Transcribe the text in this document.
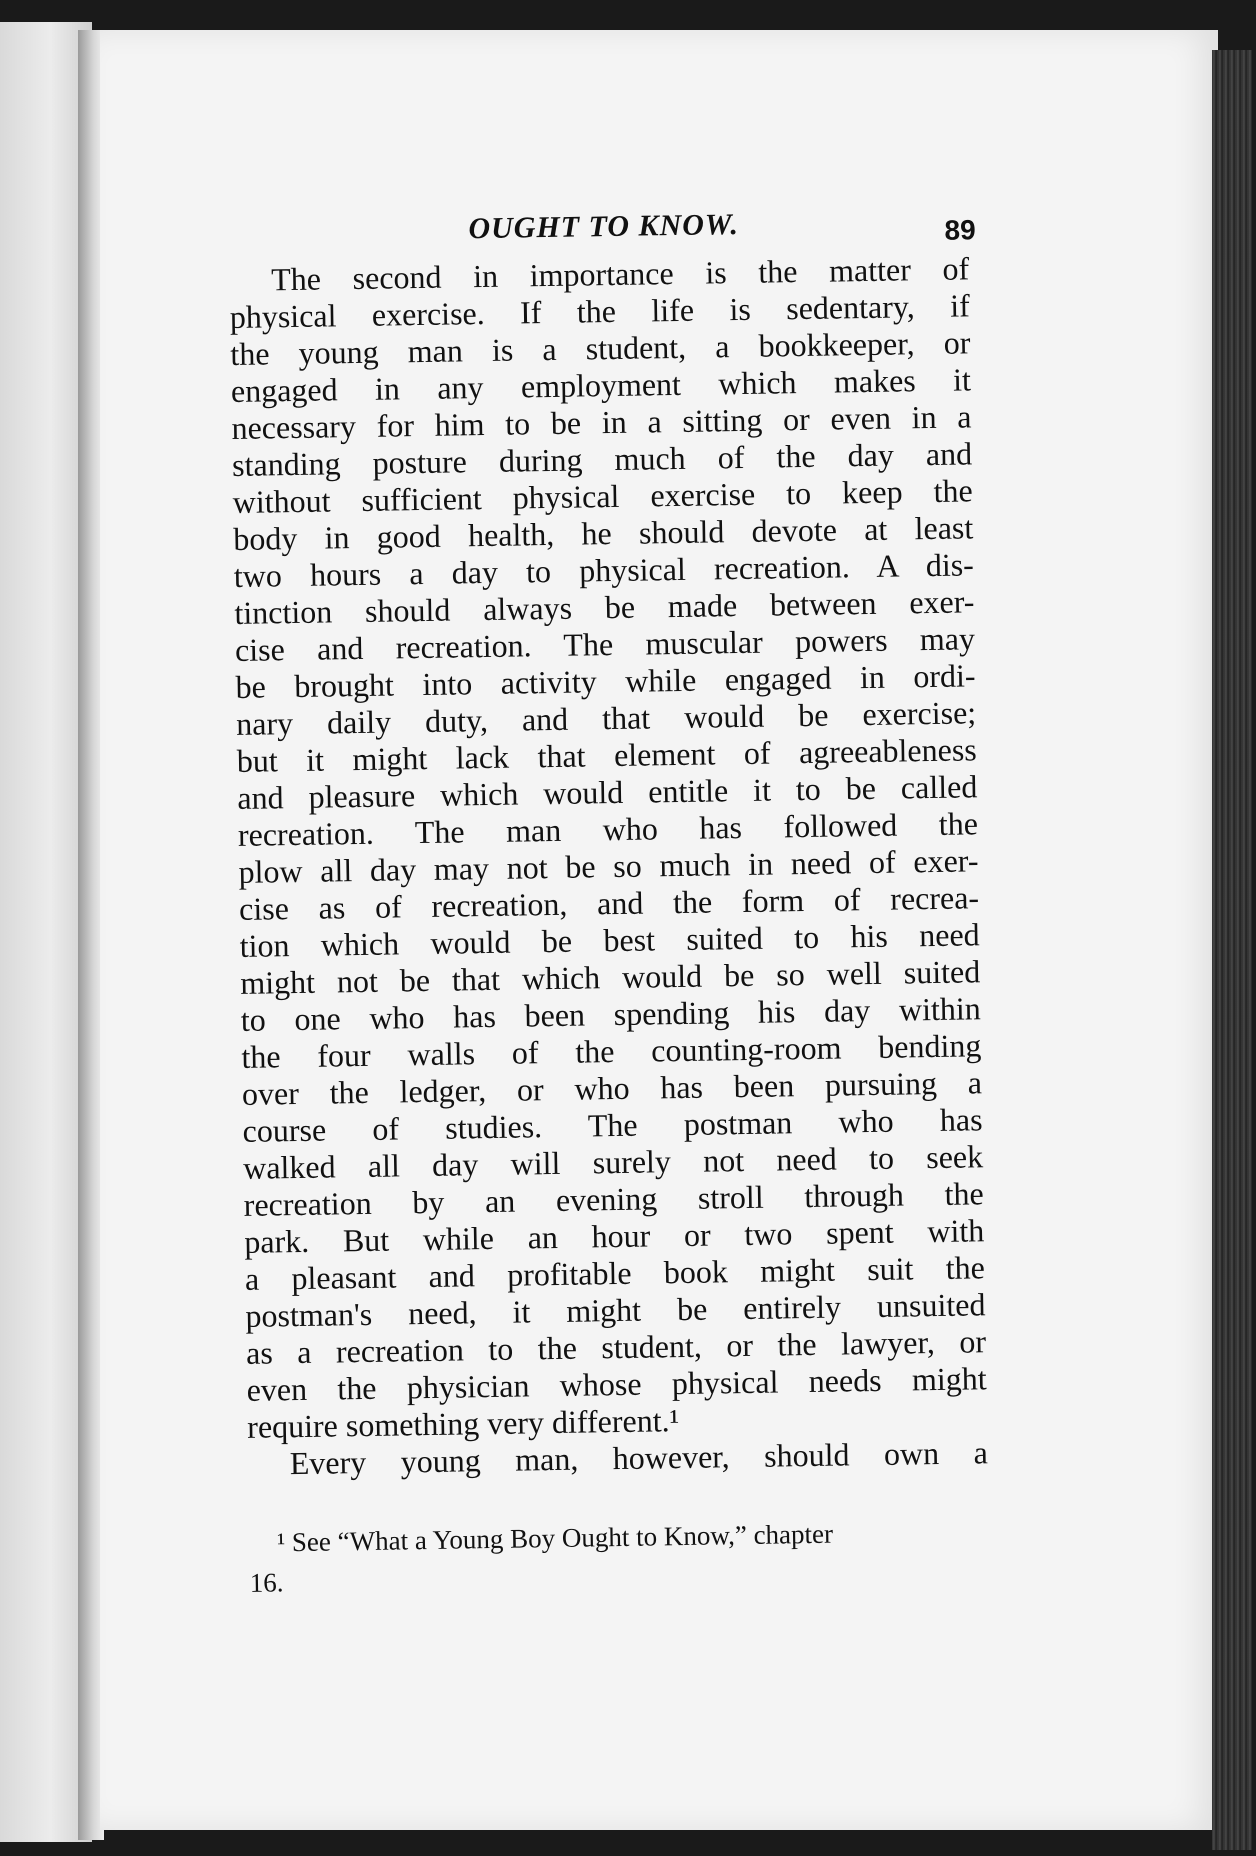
OUGHT TO KNOW.	89
The second in importance is the matter of
physical exercise. If the life is sedentary, if
the young man is a student, a bookkeeper, or
engaged in any employment which makes it
necessary for him to be in a sitting or even in a
standing posture during much of the day and
without sufficient physical exercise to keep the
body in good health, he should devote at least
two hours a day to physical recreation. A dis-
tinction should always be made between exer-
cise and recreation. The muscular powers may
be brought into activity while engaged in ordi-
nary daily duty, and that would be exercise;
but it might lack that element of agreeableness
and pleasure which would entitle it to be called
recreation. The man who has followed the
plow all day may not be so much in need of exer-
cise as of recreation, and the form of recrea-
tion which would be best suited to his need
might not be that which would be so well suited
to one who has been spending his day within
the four walls of the counting-room bending
over the ledger, or who has been pursuing a
course of studies. The postman who has
walked all day will surely not need to seek
recreation by an evening stroll through the
park. But while an hour or two spent with
a pleasant and profitable book might suit the
postman's need, it might be entirely unsuited
as a recreation to the student, or the lawyer, or
even the physician whose physical needs might
require something very different.¹
Every young man, however, should own a
¹ See “What a Young Boy Ought to Know,” chapter
16.
